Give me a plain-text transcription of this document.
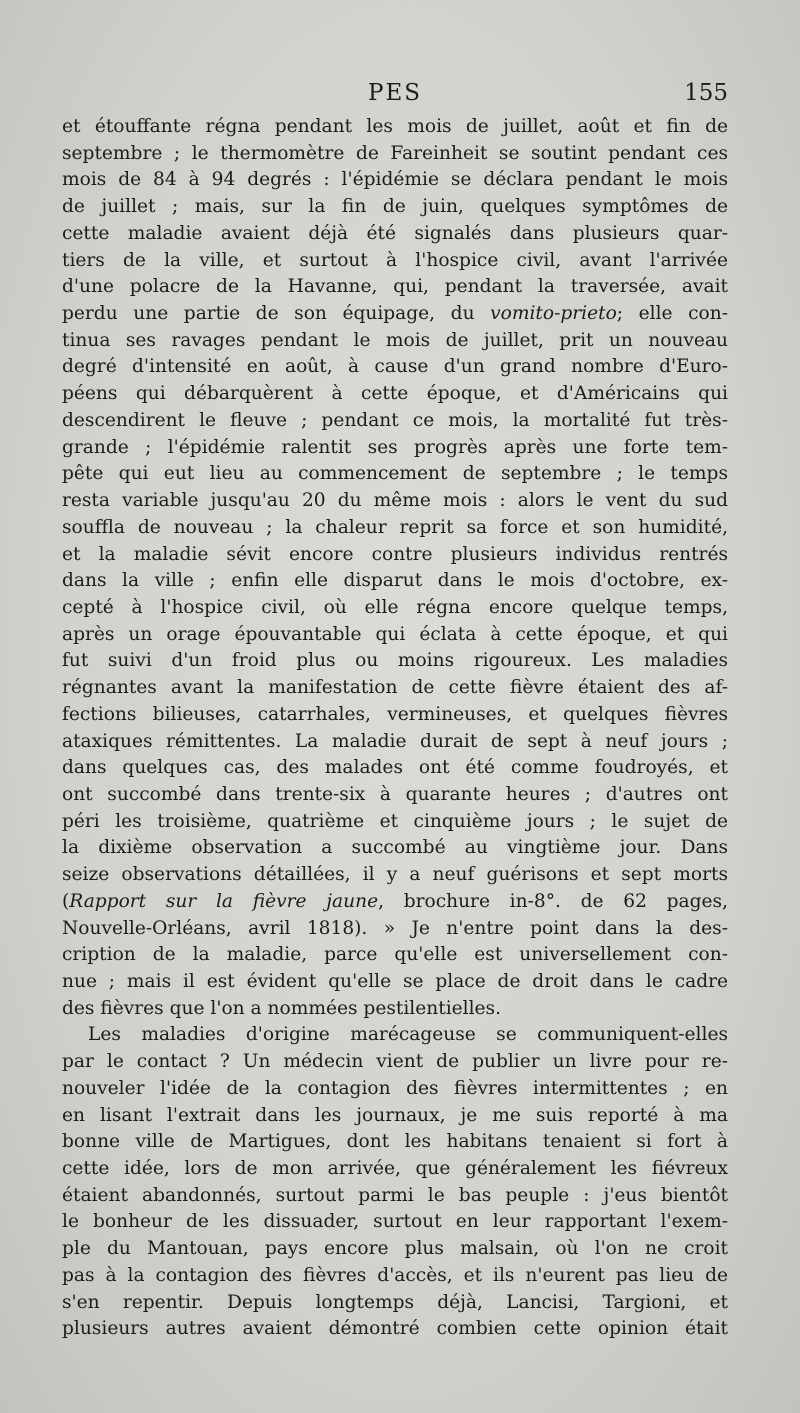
PES	155
et étouffante régna pendant les mois de juillet, août et fin de
septembre ; le thermomètre de Fareinheit se soutint pendant ces
mois de 84 à 94 degrés : l'épidémie se déclara pendant le mois
de juillet ; mais, sur la fin de juin, quelques symptômes de
cette maladie avaient déjà été signalés dans plusieurs quar-
tiers de la ville, et surtout à l'hospice civil, avant l'arrivée
d'une polacre de la Havanne, qui, pendant la traversée, avait
perdu une partie de son équipage, du vomito-prieto; elle con-
tinua ses ravages pendant le mois de juillet, prit un nouveau
degré d'intensité en août, à cause d'un grand nombre d'Euro-
péens qui débarquèrent à cette époque, et d'Américains qui
descendirent le fleuve ; pendant ce mois, la mortalité fut très-
grande ; l'épidémie ralentit ses progrès après une forte tem-
pête qui eut lieu au commencement de septembre ; le temps
resta variable jusqu'au 20 du même mois : alors le vent du sud
souffla de nouveau ; la chaleur reprit sa force et son humidité,
et la maladie sévit encore contre plusieurs individus rentrés
dans la ville ; enfin elle disparut dans le mois d'octobre, ex-
cepté à l'hospice civil, où elle régna encore quelque temps,
après un orage épouvantable qui éclata à cette époque, et qui
fut suivi d'un froid plus ou moins rigoureux. Les maladies
régnantes avant la manifestation de cette fièvre étaient des af-
fections bilieuses, catarrhales, vermineuses, et quelques fièvres
ataxiques rémittentes. La maladie durait de sept à neuf jours ;
dans quelques cas, des malades ont été comme foudroyés, et
ont succombé dans trente-six à quarante heures ; d'autres ont
péri les troisième, quatrième et cinquième jours ; le sujet de
la dixième observation a succombé au vingtième jour. Dans
seize observations détaillées, il y a neuf guérisons et sept morts
(Rapport sur la fièvre jaune, brochure in-8°. de 62 pages,
Nouvelle-Orléans, avril 1818). » Je n'entre point dans la des-
cription de la maladie, parce qu'elle est universellement con-
nue ; mais il est évident qu'elle se place de droit dans le cadre
des fièvres que l'on a nommées pestilentielles.
Les maladies d'origine marécageuse se communiquent-elles
par le contact ? Un médecin vient de publier un livre pour re-
nouveler l'idée de la contagion des fièvres intermittentes ; en
en lisant l'extrait dans les journaux, je me suis reporté à ma
bonne ville de Martigues, dont les habitans tenaient si fort à
cette idée, lors de mon arrivée, que généralement les fiévreux
étaient abandonnés, surtout parmi le bas peuple : j'eus bientôt
le bonheur de les dissuader, surtout en leur rapportant l'exem-
ple du Mantouan, pays encore plus malsain, où l'on ne croit
pas à la contagion des fièvres d'accès, et ils n'eurent pas lieu de
s'en repentir. Depuis longtemps déjà, Lancisi, Targioni, et
plusieurs autres avaient démontré combien cette opinion était
